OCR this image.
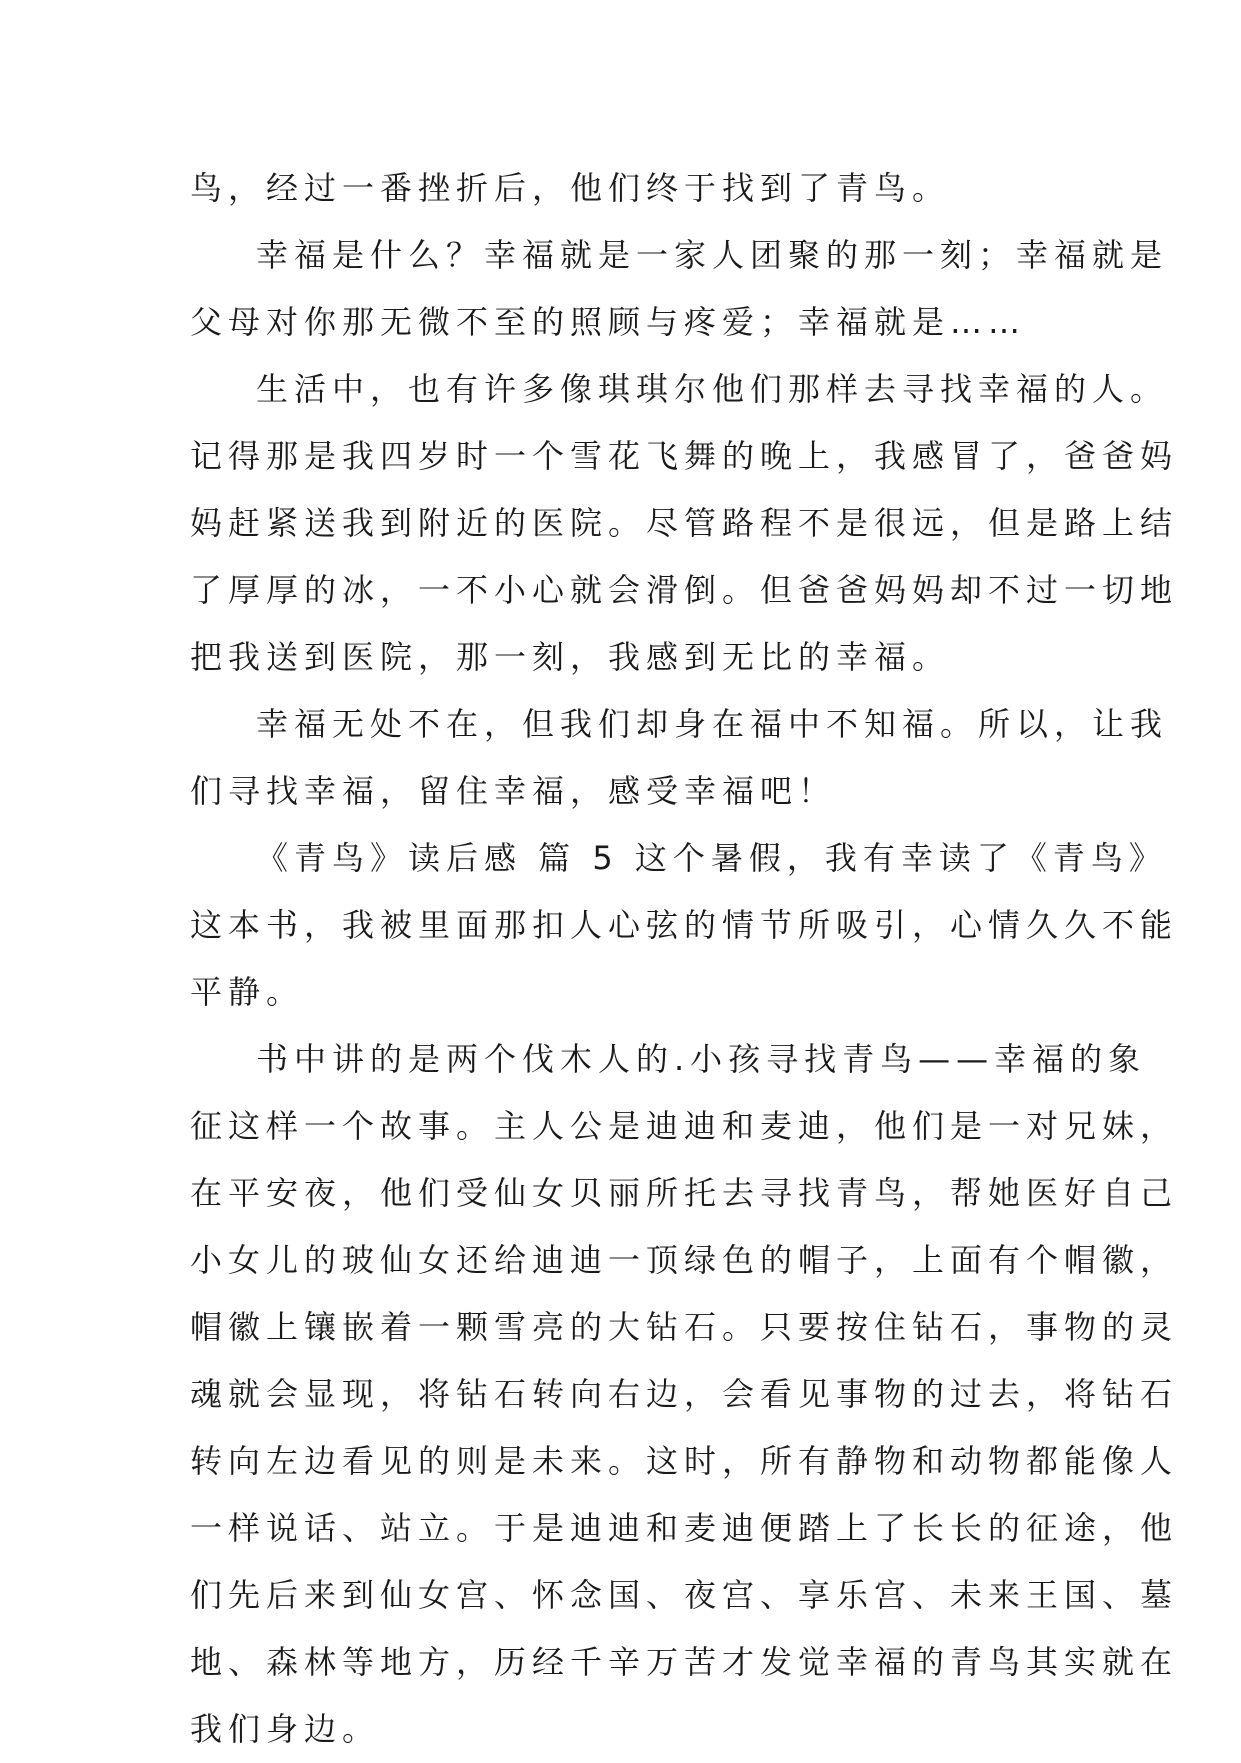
鸟，经过一番挫折后，他们终于找到了青鸟。
幸福是什么？幸福就是一家人团聚的那一刻；幸福就是
父母对你那无微不至的照顾与疼爱；幸福就是……
生活中，也有许多像琪琪尔他们那样去寻找幸福的人。
记得那是我四岁时一个雪花飞舞的晚上，我感冒了，爸爸妈
妈赶紧送我到附近的医院。尽管路程不是很远，但是路上结
了厚厚的冰，一不小心就会滑倒。但爸爸妈妈却不过一切地
把我送到医院，那一刻，我感到无比的幸福。
幸福无处不在，但我们却身在福中不知福。所以，让我
们寻找幸福，留住幸福，感受幸福吧！
《青鸟》读后感 篇 5 这个暑假，我有幸读了《青鸟》
这本书，我被里面那扣人心弦的情节所吸引，心情久久不能
平静。
书中讲的是两个伐木人的.小孩寻找青鸟——幸福的象
征这样一个故事。主人公是迪迪和麦迪，他们是一对兄妹，
在平安夜，他们受仙女贝丽所托去寻找青鸟，帮她医好自己
小女儿的玻仙女还给迪迪一顶绿色的帽子，上面有个帽徽，
帽徽上镶嵌着一颗雪亮的大钻石。只要按住钻石，事物的灵
魂就会显现，将钻石转向右边，会看见事物的过去，将钻石
转向左边看见的则是未来。这时，所有静物和动物都能像人
一样说话、站立。于是迪迪和麦迪便踏上了长长的征途，他
们先后来到仙女宫、怀念国、夜宫、享乐宫、未来王国、墓
地、森林等地方，历经千辛万苦才发觉幸福的青鸟其实就在
我们身边。
